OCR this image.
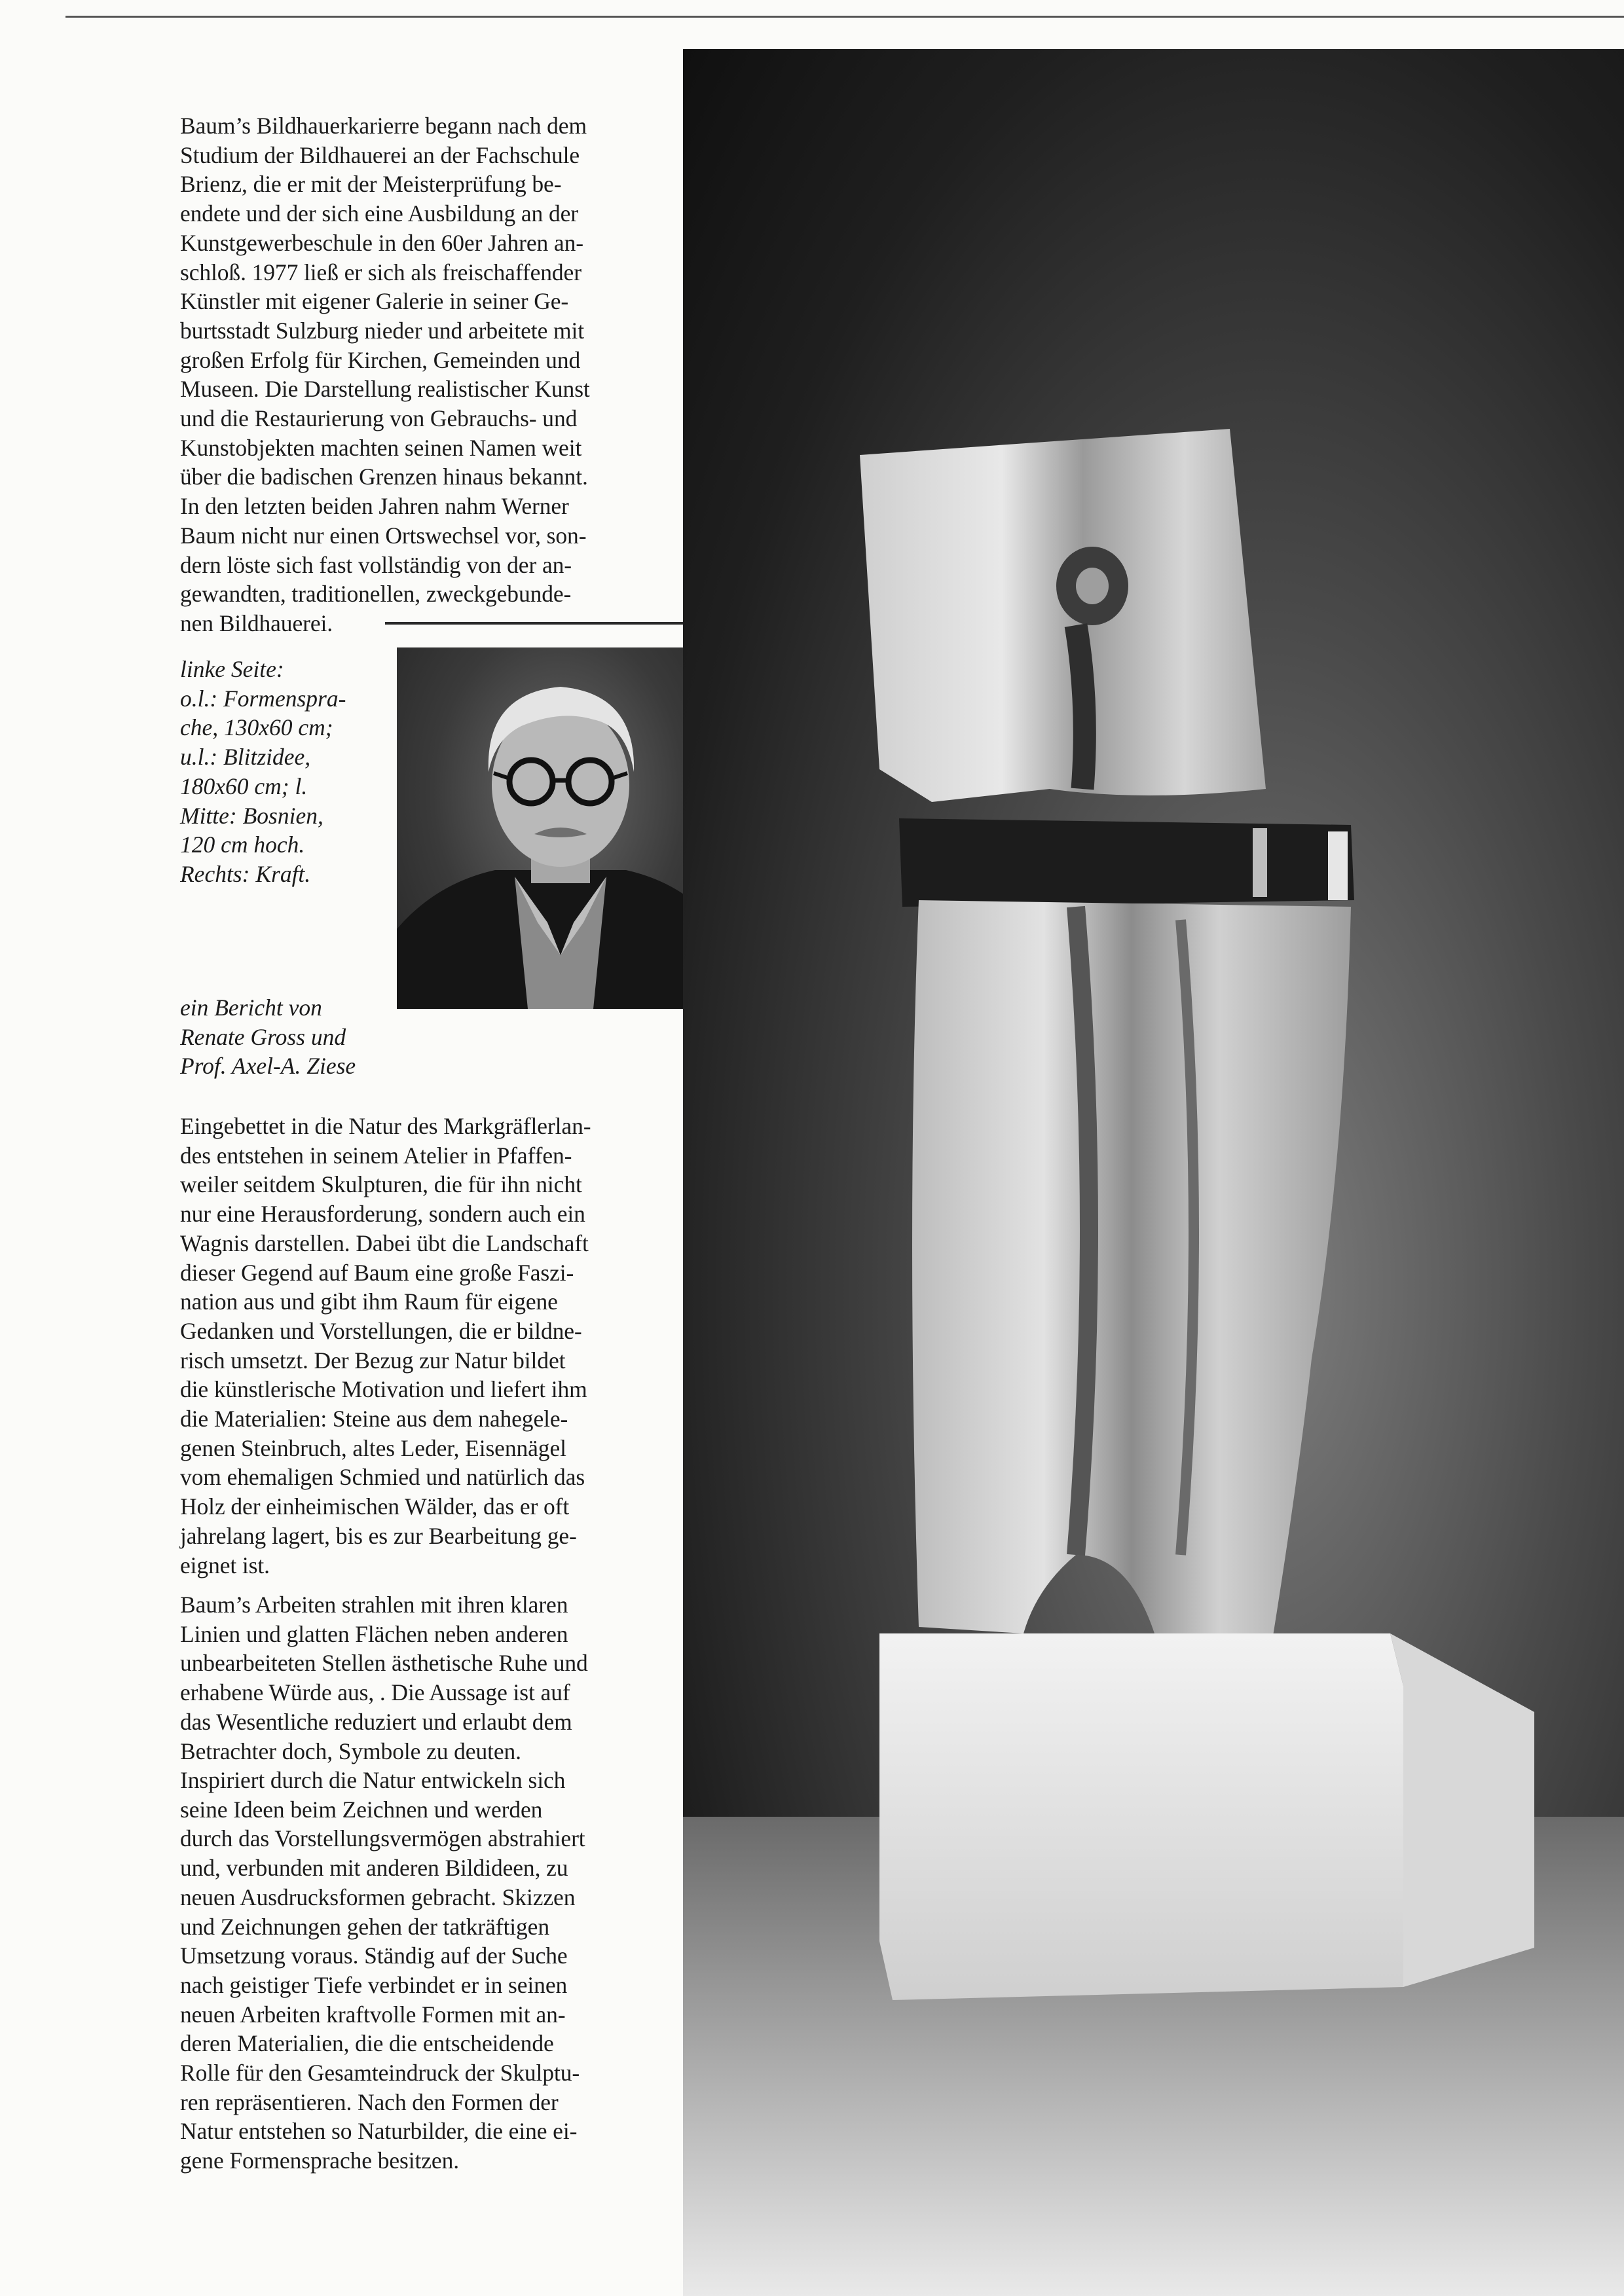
Baum’s Bildhauerkarierre begann nach dem
Studium der Bildhauerei an der Fachschule
Brienz, die er mit der Meisterprüfung be-
endete und der sich eine Ausbildung an der
Kunstgewerbeschule in den 60er Jahren an-
schloß. 1977 ließ er sich als freischaffender
Künstler mit eigener Galerie in seiner Ge-
burtsstadt Sulzburg nieder und arbeitete mit
großen Erfolg für Kirchen, Gemeinden und
Museen. Die Darstellung realistischer Kunst
und die Restaurierung von Gebrauchs- und
Kunstobjekten machten seinen Namen weit
über die badischen Grenzen hinaus bekannt.
In den letzten beiden Jahren nahm Werner
Baum nicht nur einen Ortswechsel vor, son-
dern löste sich fast vollständig von der an-
gewandten, traditionellen, zweckgebunde-
nen Bildhauerei.

linke Seite:
o.l.: Formenspra-
che, 130x60 cm;
u.l.: Blitzidee,
180x60 cm; l.
Mitte: Bosnien,
120 cm hoch.
Rechts: Kraft.

ein Bericht von
Renate Gross und
Prof. Axel-A. Ziese

Eingebettet in die Natur des Markgräflerlan-
des entstehen in seinem Atelier in Pfaffen-
weiler seitdem Skulpturen, die für ihn nicht
nur eine Herausforderung, sondern auch ein
Wagnis darstellen. Dabei übt die Landschaft
dieser Gegend auf Baum eine große Faszi-
nation aus und gibt ihm Raum für eigene
Gedanken und Vorstellungen, die er bildne-
risch umsetzt. Der Bezug zur Natur bildet
die künstlerische Motivation und liefert ihm
die Materialien: Steine aus dem nahegele-
genen Steinbruch, altes Leder, Eisennägel
vom ehemaligen Schmied und natürlich das
Holz der einheimischen Wälder, das er oft
jahrelang lagert, bis es zur Bearbeitung ge-
eignet ist.

Baum’s Arbeiten strahlen mit ihren klaren
Linien und glatten Flächen neben anderen
unbearbeiteten Stellen ästhetische Ruhe und
erhabene Würde aus, . Die Aussage ist auf
das Wesentliche reduziert und erlaubt dem
Betrachter doch, Symbole zu deuten.

Inspiriert durch die Natur entwickeln sich
seine Ideen beim Zeichnen und werden
durch das Vorstellungsvermögen abstrahiert
und, verbunden mit anderen Bildideen, zu
neuen Ausdrucksformen gebracht. Skizzen
und Zeichnungen gehen der tatkräftigen
Umsetzung voraus. Ständig auf der Suche
nach geistiger Tiefe verbindet er in seinen
neuen Arbeiten kraftvolle Formen mit an-
deren Materialien, die die entscheidende
Rolle für den Gesamteindruck der Skulptu-
ren repräsentieren. Nach den Formen der
Natur entstehen so Naturbilder, die eine ei-
gene Formensprache besitzen.
